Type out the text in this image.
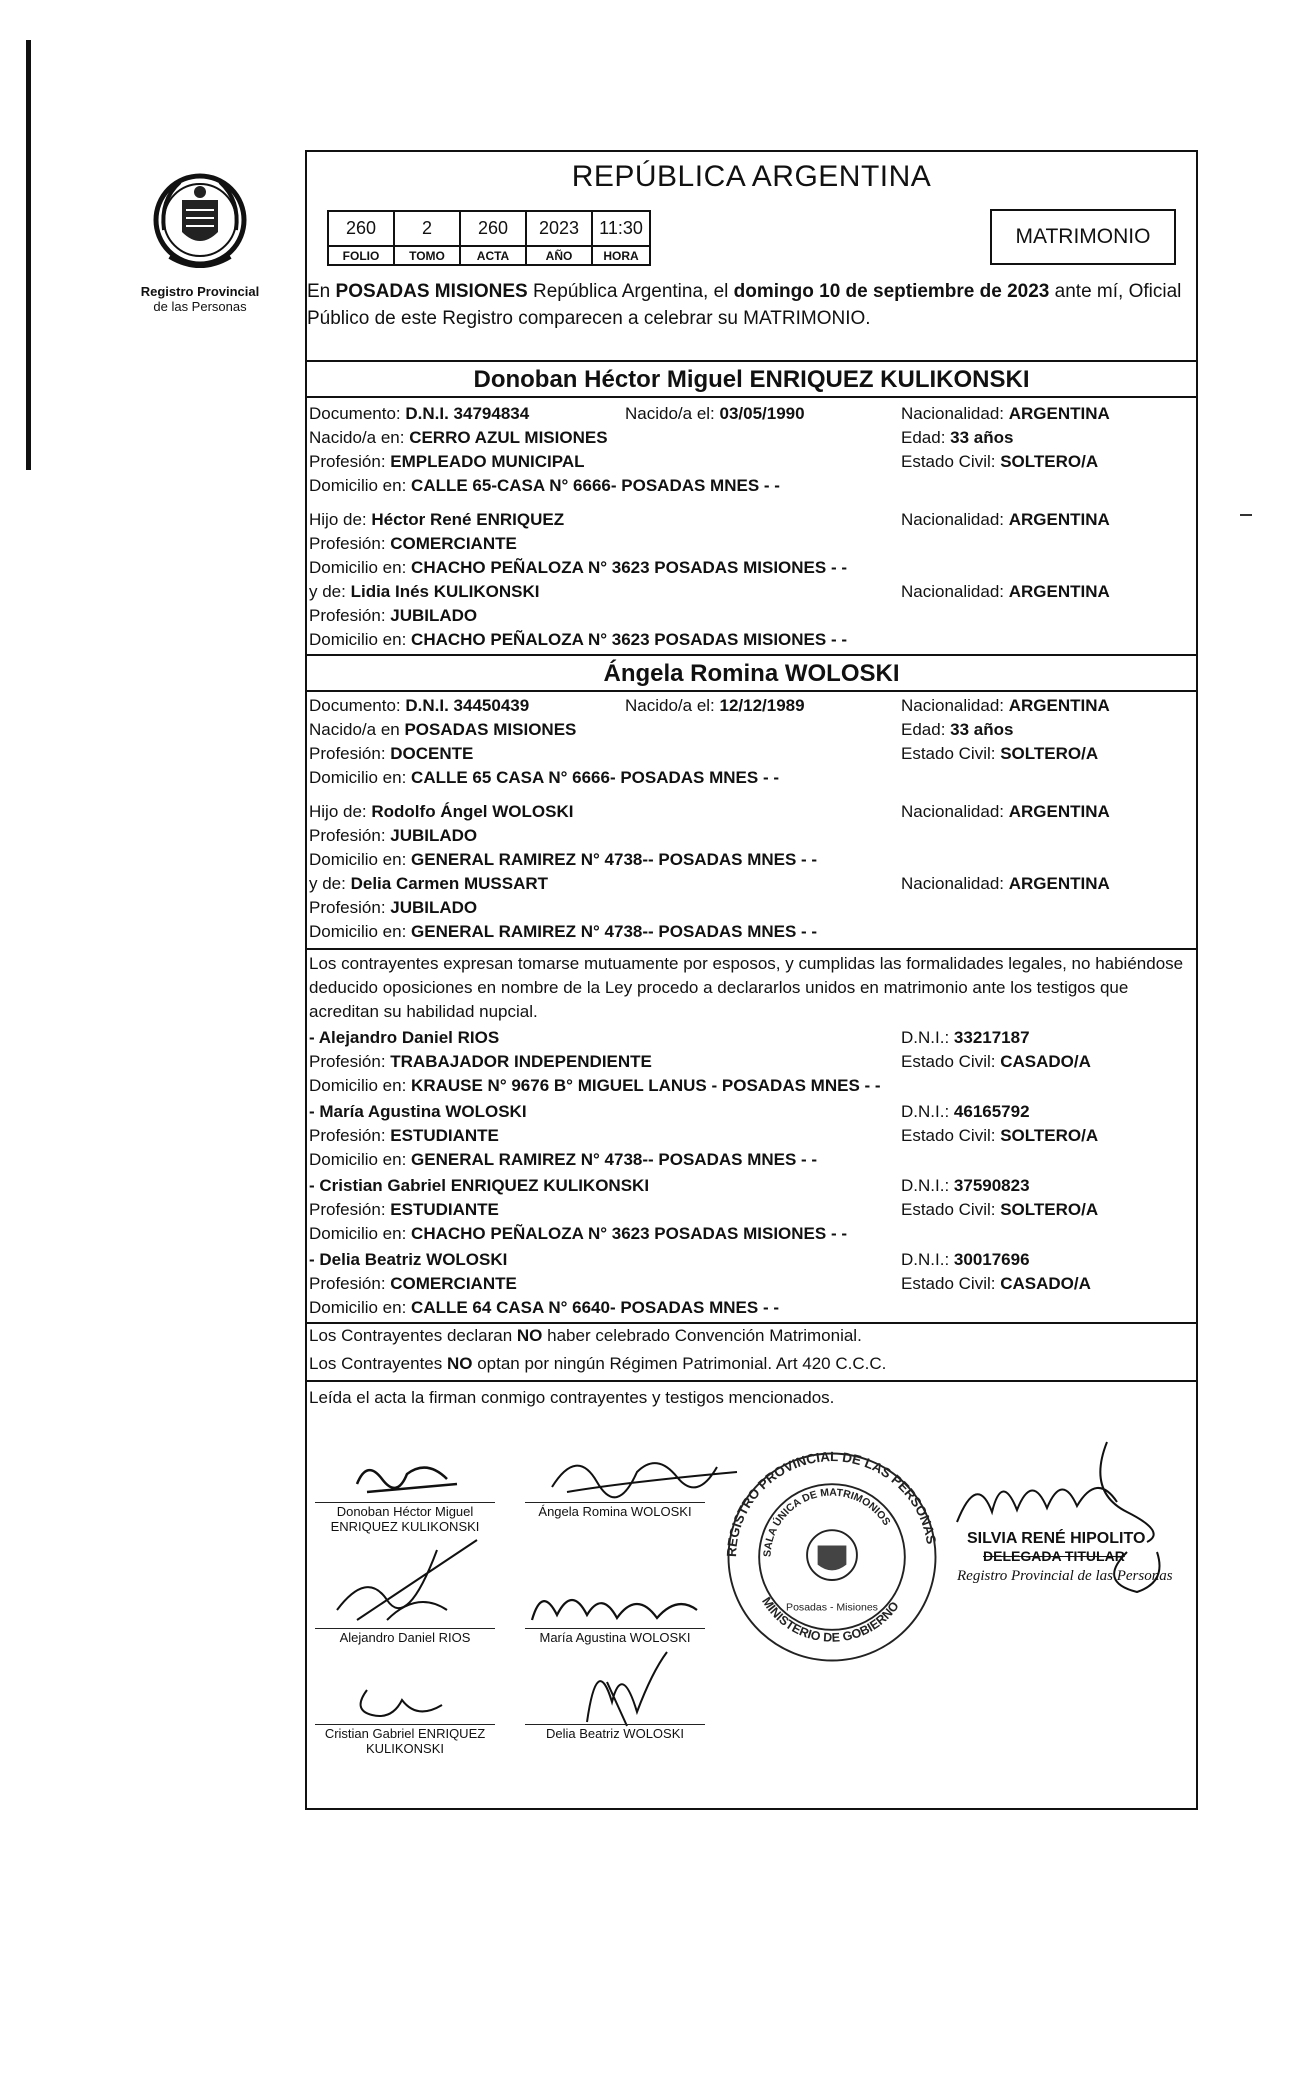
Registro Provincial
de las Personas
REPÚBLICA ARGENTINA
260	2	260	2023	11:30
FOLIO	TOMO	ACTA	AÑO	HORA
MATRIMONIO
En POSADAS MISIONES República Argentina, el domingo 10 de septiembre de 2023 ante mí, Oficial Público de este Registro comparecen a celebrar su MATRIMONIO.
Donoban Héctor Miguel ENRIQUEZ KULIKONSKI
Documento: D.N.I. 34794834	Nacido/a el: 03/05/1990	Nacionalidad: ARGENTINA
Nacido/a en: CERRO AZUL MISIONES	Edad: 33 años
Profesión: EMPLEADO MUNICIPAL	Estado Civil: SOLTERO/A
Domicilio en: CALLE 65-CASA N° 6666- POSADAS MNES - -
Hijo de: Héctor René ENRIQUEZ	Nacionalidad: ARGENTINA
Profesión: COMERCIANTE
Domicilio en: CHACHO PEÑALOZA N° 3623 POSADAS MISIONES - -
y de: Lidia Inés KULIKONSKI	Nacionalidad: ARGENTINA
Profesión: JUBILADO
Domicilio en: CHACHO PEÑALOZA N° 3623 POSADAS MISIONES - -
Ángela Romina WOLOSKI
Documento: D.N.I. 34450439	Nacido/a el: 12/12/1989	Nacionalidad: ARGENTINA
Nacido/a en POSADAS MISIONES	Edad: 33 años
Profesión: DOCENTE	Estado Civil: SOLTERO/A
Domicilio en: CALLE 65 CASA N° 6666- POSADAS MNES - -
Hijo de: Rodolfo Ángel WOLOSKI	Nacionalidad: ARGENTINA
Profesión: JUBILADO
Domicilio en: GENERAL RAMIREZ N° 4738-- POSADAS MNES - -
y de: Delia Carmen MUSSART	Nacionalidad: ARGENTINA
Profesión: JUBILADO
Domicilio en: GENERAL RAMIREZ N° 4738-- POSADAS MNES - -
Los contrayentes expresan tomarse mutuamente por esposos, y cumplidas las formalidades legales, no habiéndose deducido oposiciones en nombre de la Ley procedo a declararlos unidos en matrimonio ante los testigos que acreditan su habilidad nupcial.
- Alejandro Daniel RIOS	D.N.I.: 33217187
Profesión: TRABAJADOR INDEPENDIENTE	Estado Civil: CASADO/A
Domicilio en: KRAUSE N° 9676 B° MIGUEL LANUS - POSADAS MNES - -
- María Agustina WOLOSKI	D.N.I.: 46165792
Profesión: ESTUDIANTE	Estado Civil: SOLTERO/A
Domicilio en: GENERAL RAMIREZ N° 4738-- POSADAS MNES - -
- Cristian Gabriel ENRIQUEZ KULIKONSKI	D.N.I.: 37590823
Profesión: ESTUDIANTE	Estado Civil: SOLTERO/A
Domicilio en: CHACHO PEÑALOZA N° 3623 POSADAS MISIONES - -
- Delia Beatriz WOLOSKI	D.N.I.: 30017696
Profesión: COMERCIANTE	Estado Civil: CASADO/A
Domicilio en: CALLE 64 CASA N° 6640- POSADAS MNES - -
Los Contrayentes declaran NO haber celebrado Convención Matrimonial.
Los Contrayentes NO optan por ningún Régimen Patrimonial. Art 420 C.C.C.
Leída el acta la firman conmigo contrayentes y testigos mencionados.
Donoban Héctor Miguel
ENRIQUEZ KULIKONSKI
Ángela Romina WOLOSKI
Alejandro Daniel RIOS	María Agustina WOLOSKI
Cristian Gabriel ENRIQUEZ
KULIKONSKI
Delia Beatriz WOLOSKI
REGISTRO PROVINCIAL DE LAS PERSONAS
SALA ÚNICA DE MATRIMONIOS
MINISTERIO DE GOBIERNO
Posadas - Misiones
SILVIA RENÉ HIPOLITO
DELEGADA TITULAR
Registro Provincial de las Personas
